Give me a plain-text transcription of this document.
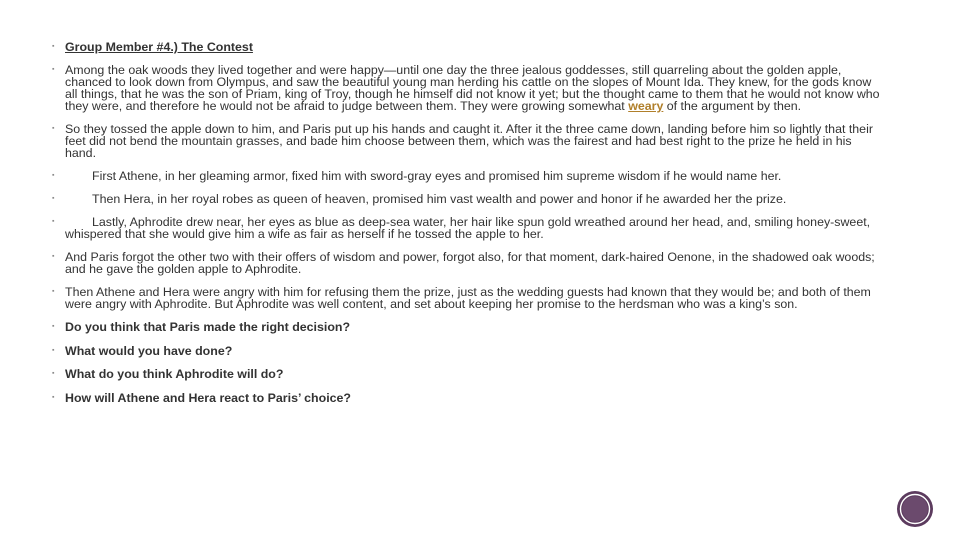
▪ Group Member #4.) The Contest
▪ Among the oak woods they lived together and were happy—until one day the three jealous goddesses, still quarreling about the golden apple, chanced to look down from Olympus, and saw the beautiful young man herding his cattle on the slopes of Mount Ida. They knew, for the gods know all things, that he was the son of Priam, king of Troy, though he himself did not know it yet; but the thought came to them that he would not know who they were, and therefore he would not be afraid to judge between them. They were growing somewhat weary of the argument by then.
▪ So they tossed the apple down to him, and Paris put up his hands and caught it. After it the three came down, landing before him so lightly that their feet did not bend the mountain grasses, and bade him choose between them, which was the fairest and had best right to the prize he held in his hand.
▪	First Athene, in her gleaming armor, fixed him with sword-gray eyes and promised him supreme wisdom if he would name her.
▪	Then Hera, in her royal robes as queen of heaven, promised him vast wealth and power and honor if he awarded her the prize.
▪	Lastly, Aphrodite drew near, her eyes as blue as deep-sea water, her hair like spun gold wreathed around her head, and, smiling honey-sweet, whispered that she would give him a wife as fair as herself if he tossed the apple to her.
▪ And Paris forgot the other two with their offers of wisdom and power, forgot also, for that moment, dark-haired Oenone, in the shadowed oak woods; and he gave the golden apple to Aphrodite.
▪ Then Athene and Hera were angry with him for refusing them the prize, just as the wedding guests had known that they would be; and both of them were angry with Aphrodite. But Aphrodite was well content, and set about keeping her promise to the herdsman who was a king’s son.
▪ Do you think that Paris made the right decision?
▪ What would you have done?
▪ What do you think Aphrodite will do?
▪ How will Athene and Hera react to Paris’ choice?
